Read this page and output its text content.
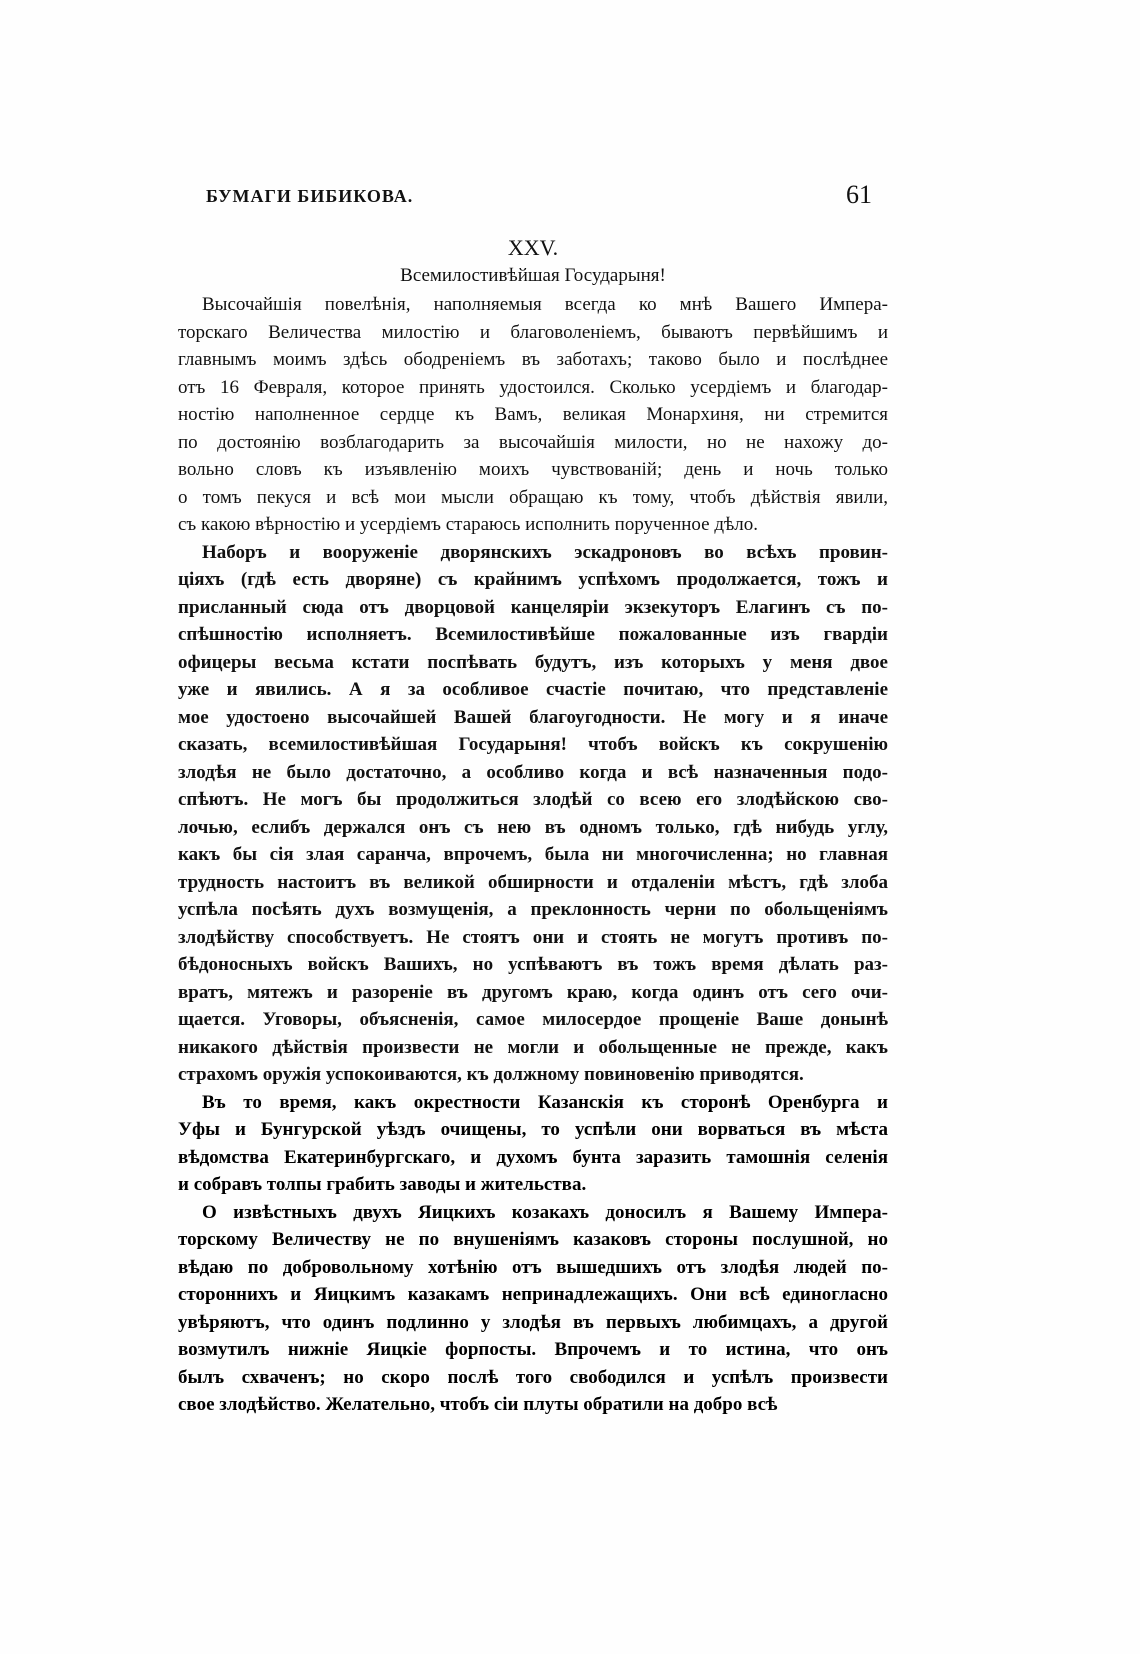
БУМАГИ БИБИКОВА.	61
XXV.
Всемилостивѣйшая Государыня!
Высочайшія повелѣнія, наполняемыя всегда ко мнѣ Вашего Импера-
торскаго Величества милостію и благоволеніемъ, бываютъ первѣйшимъ и
главнымъ моимъ здѣсь ободреніемъ въ заботахъ; таково было и послѣднее
отъ 16 Февраля, которое принять удостоился. Сколько усердіемъ и благодар-
ностію наполненное сердце къ Вамъ, великая Монархиня, ни стремится
по достоянію возблагодарить за высочайшія милости, но не нахожу до-
вольно словъ къ изъявленію моихъ чувствованій; день и ночь только
о томъ пекуся и всѣ мои мысли обращаю къ тому, чтобъ дѣйствія явили,
съ какою вѣрностію и усердіемъ стараюсь исполнить порученное дѣло.
Наборъ и вооруженіе дворянскихъ эскадроновъ во всѣхъ провин-
ціяхъ (гдѣ есть дворяне) съ крайнимъ успѣхомъ продолжается, тожъ и
присланный сюда отъ дворцовой канцеляріи экзекуторъ Елагинъ съ по-
спѣшностію исполняетъ. Всемилостивѣйше пожалованные изъ гвардіи
офицеры весьма кстати поспѣвать будутъ, изъ которыхъ у меня двое
уже и явились. А я за особливое счастіе почитаю, что представленіе
мое удостоено высочайшей Вашей благоугодности. Не могу и я иначе
сказать, всемилостивѣйшая Государыня! чтобъ войскъ къ сокрушенію
злодѣя не было достаточно, а особливо когда и всѣ назначенныя подо-
спѣютъ. Не могъ бы продолжиться злодѣй со всею его злодѣйскою сво-
лочью, еслибъ держался онъ съ нею въ одномъ только, гдѣ нибудь углу,
какъ бы сія злая саранча, впрочемъ, была ни многочисленна; но главная
трудность настоитъ въ великой обширности и отдаленіи мѣстъ, гдѣ злоба
успѣла посѣять духъ возмущенія, а преклонность черни по обольщеніямъ
злодѣйству способствуетъ. Не стоятъ они и стоять не могутъ противъ по-
бѣдоносныхъ войскъ Вашихъ, но успѣваютъ въ тожъ время дѣлать раз-
вратъ, мятежъ и разореніе въ другомъ краю, когда одинъ отъ сего очи-
щается. Уговоры, объясненія, самое милосердое прощеніе Ваше донынѣ
никакого дѣйствія произвести не могли и обольщенные не прежде, какъ
страхомъ оружія успокоиваются, къ должному повиновенію приводятся.
Въ то время, какъ окрестности Казанскія къ сторонѣ Оренбурга и
Уфы и Бунгурской уѣздъ очищены, то успѣли они ворваться въ мѣста
вѣдомства Екатеринбургскаго, и духомъ бунта заразить тамошнія селенія
и собравъ толпы грабить заводы и жительства.
О извѣстныхъ двухъ Яицкихъ козакахъ доносилъ я Вашему Импера-
торскому Величеству не по внушеніямъ казаковъ стороны послушной, но
вѣдаю по добровольному хотѣнію отъ вышедшихъ отъ злодѣя людей по-
стороннихъ и Яицкимъ казакамъ непринадлежащихъ. Они всѣ единогласно
увѣряютъ, что одинъ подлинно у злодѣя въ первыхъ любимцахъ, а другой
возмутилъ нижніе Яицкіе форпосты. Впрочемъ и то истина, что онъ
былъ схваченъ; но скоро послѣ того свободился и успѣлъ произвести
свое злодѣйство. Желательно, чтобъ сіи плуты обратили на добро всѣ
